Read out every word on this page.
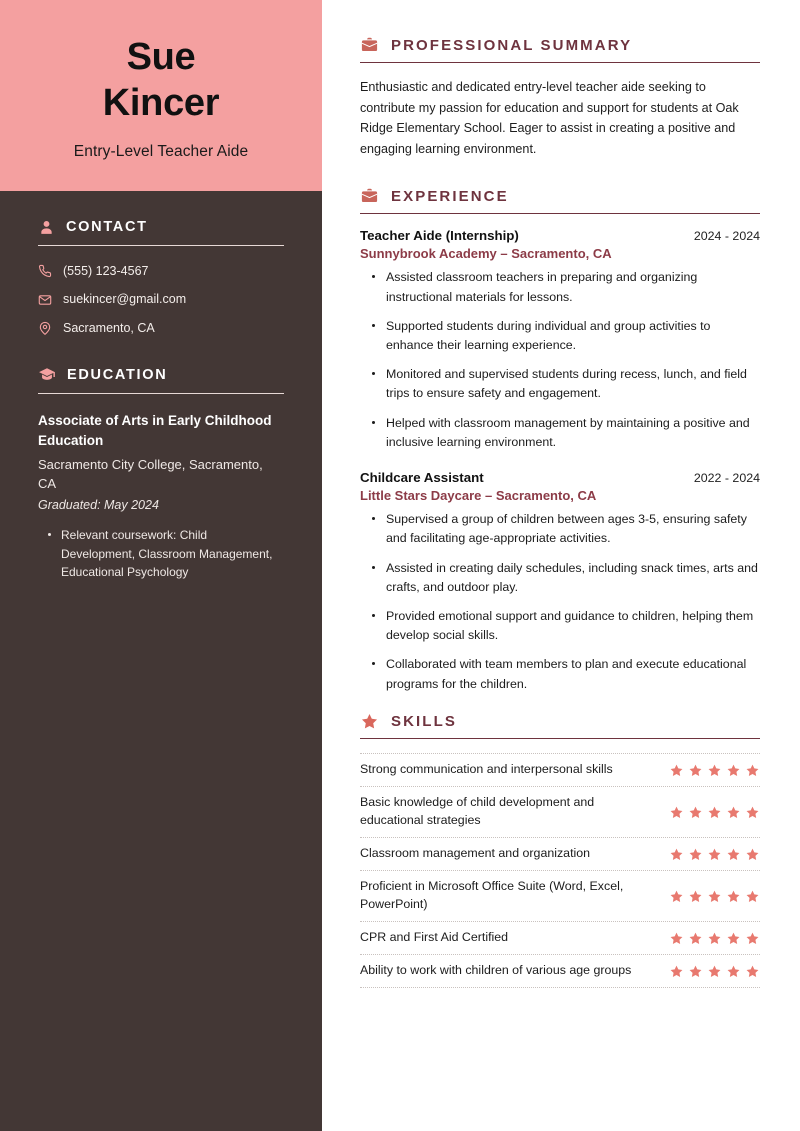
Sue
Kincer
Entry-Level Teacher Aide
CONTACT
(555) 123-4567
suekincer@gmail.com
Sacramento, CA
EDUCATION
Associate of Arts in Early Childhood Education
Sacramento City College, Sacramento, CA
Graduated: May 2024
Relevant coursework: Child Development, Classroom Management, Educational Psychology
PROFESSIONAL SUMMARY

Enthusiastic and dedicated entry-level teacher aide seeking to contribute my passion for education and support for students at Oak Ridge Elementary School. Eager to assist in creating a positive and engaging learning environment.

EXPERIENCE
Teacher Aide (Internship)	2024 - 2024
Sunnybrook Academy – Sacramento, CA
Assisted classroom teachers in preparing and organizing instructional materials for lessons.
Supported students during individual and group activities to enhance their learning experience.
Monitored and supervised students during recess, lunch, and field trips to ensure safety and engagement.
Helped with classroom management by maintaining a positive and inclusive learning environment.
Childcare Assistant	2022 - 2024
Little Stars Daycare – Sacramento, CA
Supervised a group of children between ages 3-5, ensuring safety and facilitating age-appropriate activities.
Assisted in creating daily schedules, including snack times, arts and crafts, and outdoor play.
Provided emotional support and guidance to children, helping them develop social skills.
Collaborated with team members to plan and execute educational programs for the children.
SKILLS
Strong communication and interpersonal skills
Basic knowledge of child development and educational strategies
Classroom management and organization
Proficient in Microsoft Office Suite (Word, Excel, PowerPoint)
CPR and First Aid Certified
Ability to work with children of various age groups
